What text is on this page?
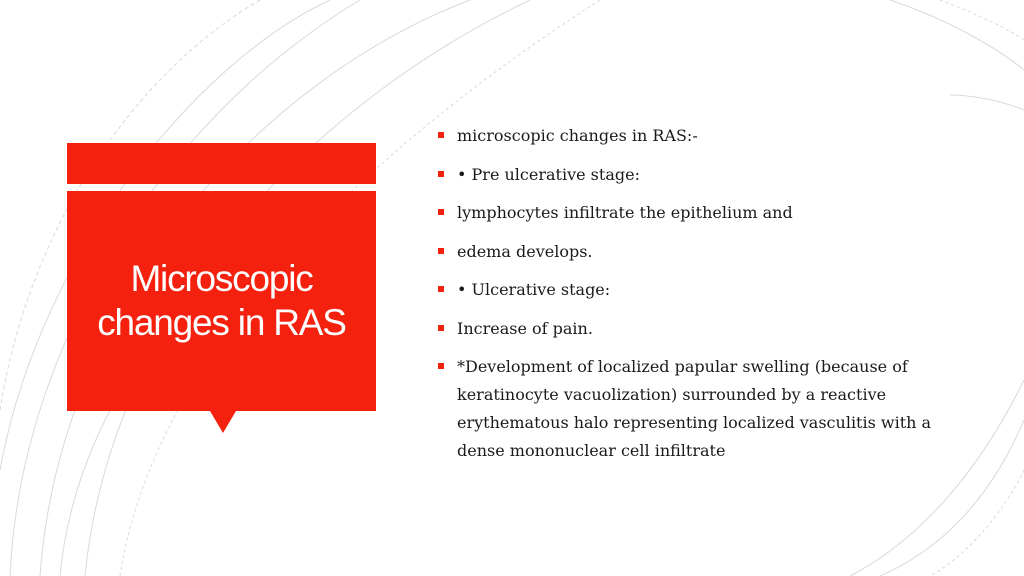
Microscopic changes in RAS
microscopic changes in RAS:-
• Pre ulcerative stage:
lymphocytes infiltrate the epithelium and
edema develops.
• Ulcerative stage:
Increase of pain.
*Development of localized papular swelling (because of keratinocyte vacuolization) surrounded by a reactive erythematous halo representing localized vasculitis with a dense mononuclear cell infiltrate
